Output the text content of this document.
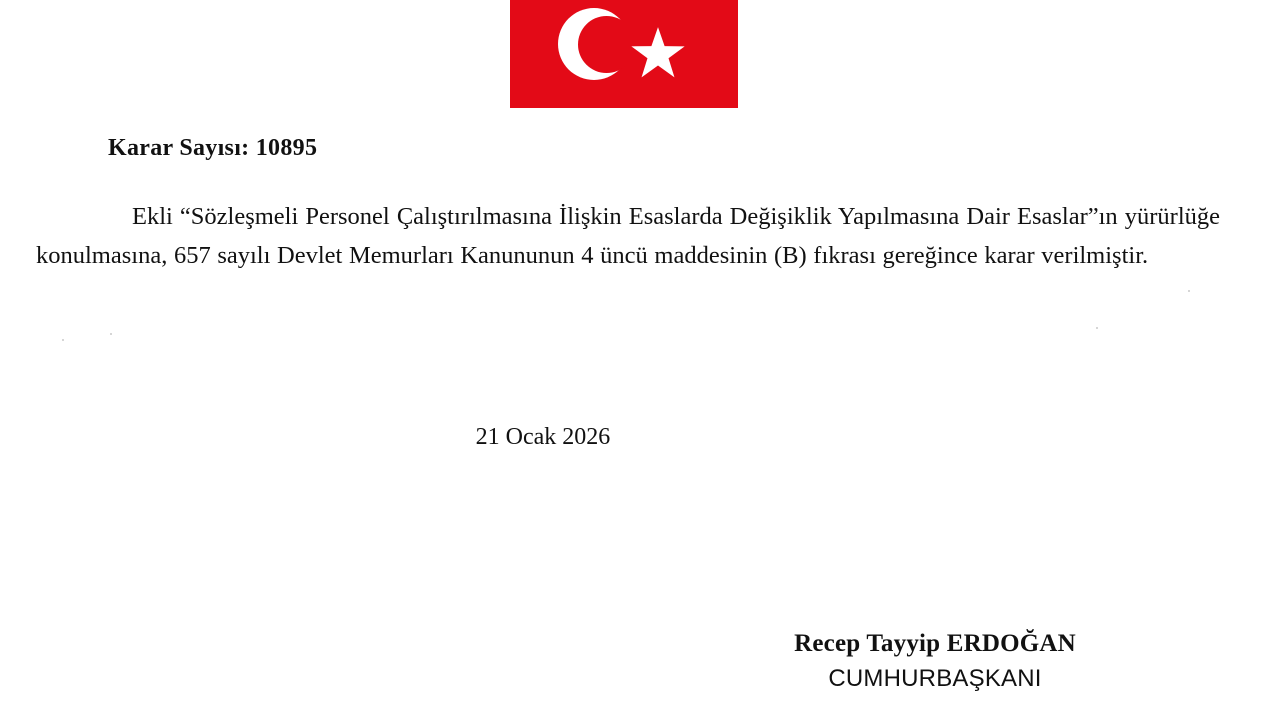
Karar Sayısı: 10895
Ekli “Sözleşmeli Personel Çalıştırılmasına İlişkin Esaslarda Değişiklik Yapılmasına Dair Esaslar”ın yürürlüğe konulmasına, 657 sayılı Devlet Memurları Kanununun 4 üncü maddesinin (B) fıkrası gereğince karar verilmiştir.
21 Ocak 2026
Recep Tayyip ERDOĞAN
CUMHURBAŞKANI
